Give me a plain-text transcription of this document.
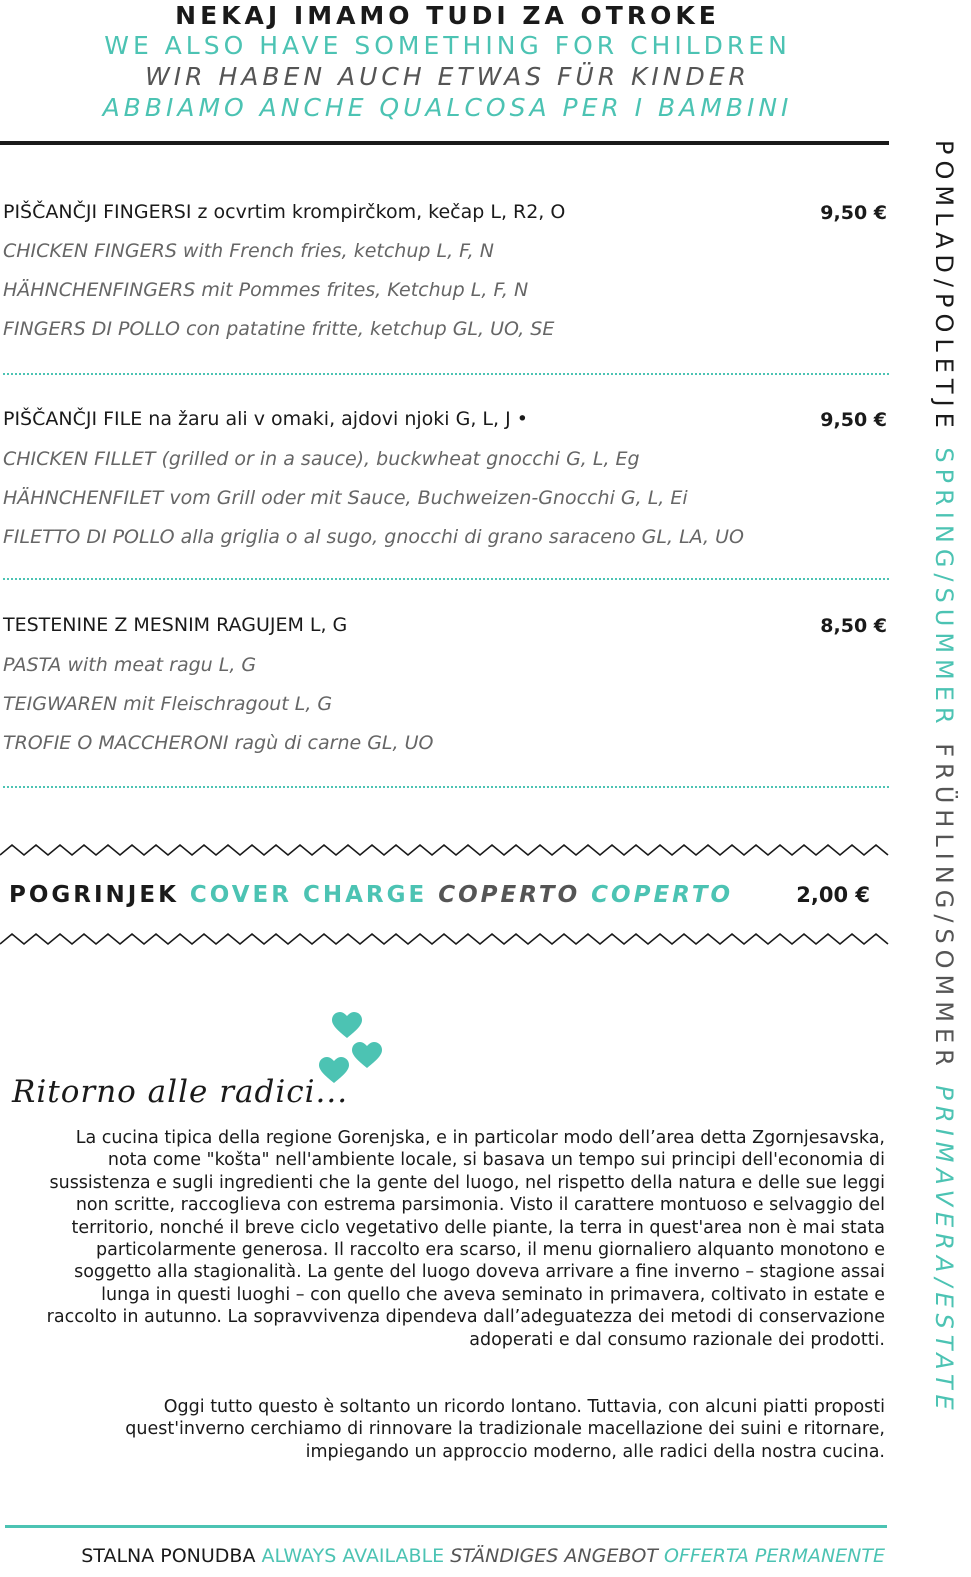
NEKAJ IMAMO TUDI ZA OTROKE
WE ALSO HAVE SOMETHING FOR CHILDREN
WIR HABEN AUCH ETWAS FÜR KINDER
ABBIAMO ANCHE QUALCOSA PER I BAMBINI
PIŠČANČJI FINGERSI z ocvrtim krompirčkom, kečap L, R2, O	9,50 €
CHICKEN FINGERS with French fries, ketchup L, F, N
HÄHNCHENFINGERS mit Pommes frites, Ketchup L, F, N
FINGERS DI POLLO con patatine fritte, ketchup GL, UO, SE
PIŠČANČJI FILE na žaru ali v omaki, ajdovi njoki G, L, J •	9,50 €
CHICKEN FILLET (grilled or in a sauce), buckwheat gnocchi G, L, Eg
HÄHNCHENFILET vom Grill oder mit Sauce, Buchweizen-Gnocchi G, L, Ei
FILETTO DI POLLO alla griglia o al sugo, gnocchi di grano saraceno GL, LA, UO
TESTENINE Z MESNIM RAGUJEM L, G	8,50 €
PASTA with meat ragu L, G
TEIGWAREN mit Fleischragout L, G
TROFIE O MACCHERONI ragù di carne GL, UO
POGRINJEK COVER CHARGE COPERTO COPERTO	2,00 €
Ritorno alle radici...
La cucina tipica della regione Gorenjska, e in particolar modo dell’area detta Zgornjesavska, nota come "košta" nell'ambiente locale, si basava un tempo sui principi dell'economia di sussistenza e sugli ingredienti che la gente del luogo, nel rispetto della natura e delle sue leggi non scritte, raccoglieva con estrema parsimonia. Visto il carattere montuoso e selvaggio del territorio, nonché il breve ciclo vegetativo delle piante, la terra in quest'area non è mai stata particolarmente generosa. Il raccolto era scarso, il menu giornaliero alquanto monotono e soggetto alla stagionalità. La gente del luogo doveva arrivare a fine inverno – stagione assai lunga in questi luoghi – con quello che aveva seminato in primavera, coltivato in estate e raccolto in autunno. La sopravvivenza dipendeva dall’adeguatezza dei metodi di conservazione adoperati e dal consumo razionale dei prodotti.
Oggi tutto questo è soltanto un ricordo lontano. Tuttavia, con alcuni piatti proposti quest'inverno cerchiamo di rinnovare la tradizionale macellazione dei suini e ritornare, impiegando un approccio moderno, alle radici della nostra cucina.
STALNA PONUDBA ALWAYS AVAILABLE STÄNDIGES ANGEBOT OFFERTA PERMANENTE
POMLAD/POLETJE SPRING/SUMMER FRÜHLING/SOMMER PRIMAVERA/ESTATE
